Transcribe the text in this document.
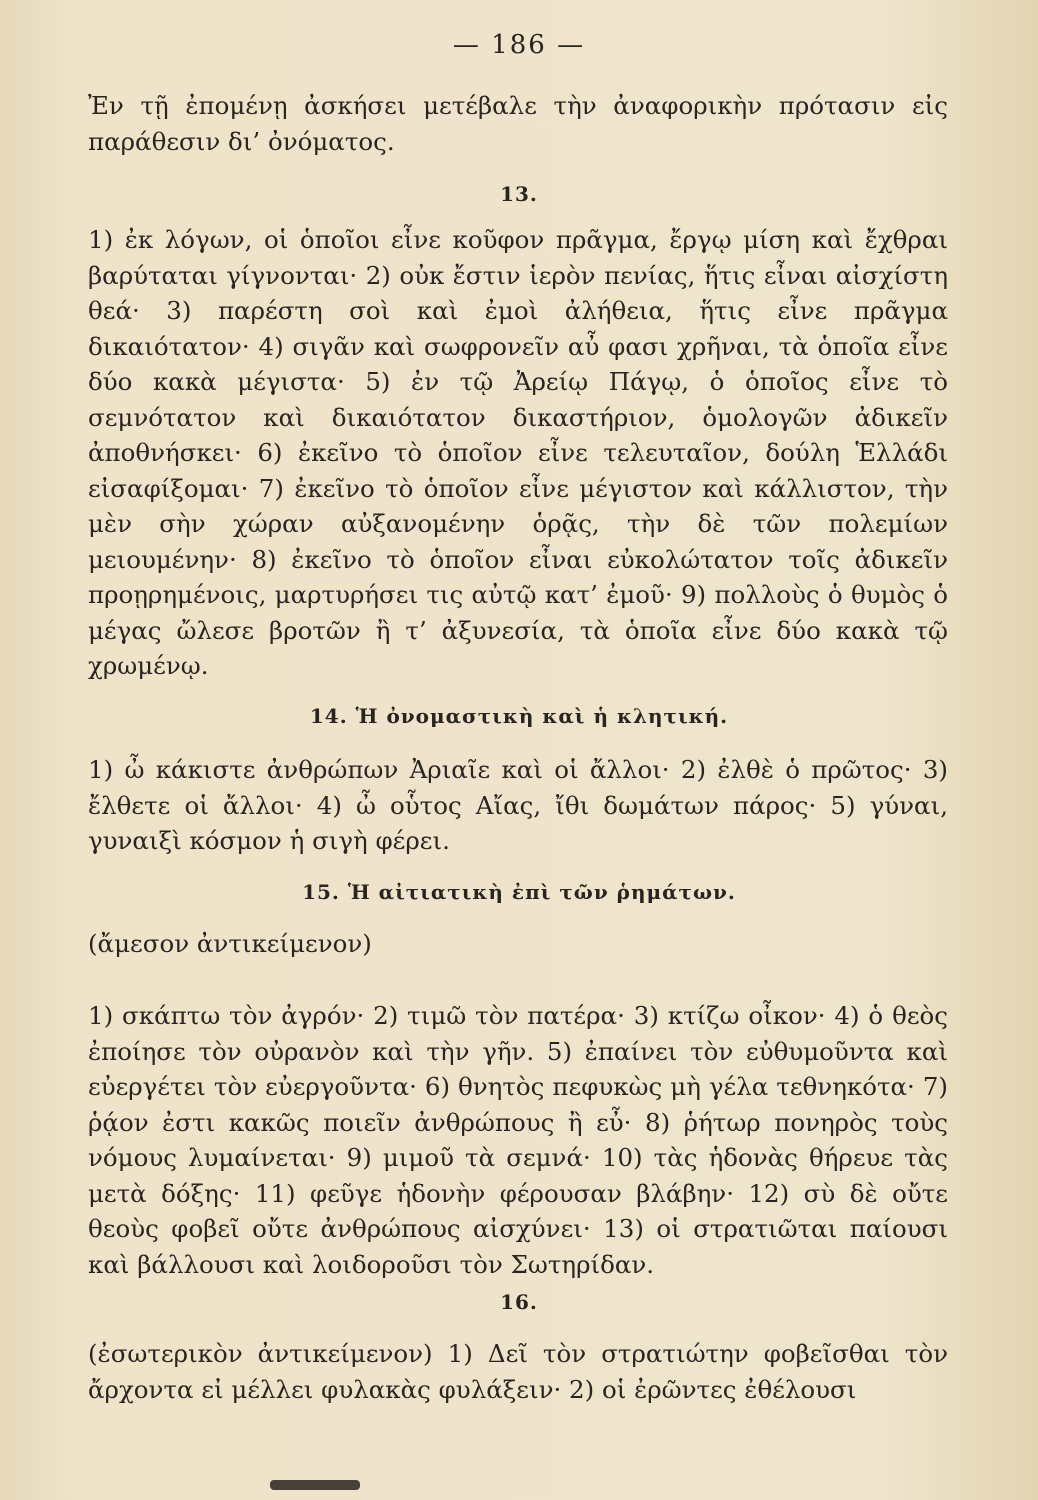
— 186 —
Ἐν τῇ ἐπομένῃ ἀσκήσει μετέβαλε τὴν ἀναφορικὴν πρότασιν εἰς παράθεσιν δι’ ὀνόματος.
13.
1) ἐκ λόγων, οἱ ὁποῖοι εἶνε κοῦφον πρᾶγμα, ἔργῳ μίση καὶ ἔχθραι βαρύταται γίγνονται· 2) οὐκ ἔστιν ἱερὸν πενίας, ἥτις εἶναι αἰσχίστη θεά· 3) παρέστη σοὶ καὶ ἐμοὶ ἀλήθεια, ἥτις εἶνε πρᾶγμα δικαιότατον· 4) σιγᾶν καὶ σωφρονεῖν αὖ φασι χρῆναι, τὰ ὁποῖα εἶνε δύο κακὰ μέγιστα· 5) ἐν τῷ Ἀρείῳ Πάγῳ, ὁ ὁποῖος εἶνε τὸ σεμνότατον καὶ δικαιότατον δικαστήριον, ὁμολογῶν ἀδικεῖν ἀποθνήσκει· 6) ἐκεῖνο τὸ ὁποῖον εἶνε τελευταῖον, δούλη Ἑλλάδι εἰσαφίξομαι· 7) ἐκεῖνο τὸ ὁποῖον εἶνε μέγιστον καὶ κάλλιστον, τὴν μὲν σὴν χώραν αὐξανομένην ὁρᾷς, τὴν δὲ τῶν πολεμίων μειουμένην· 8) ἐκεῖνο τὸ ὁποῖον εἶναι εὐκολώτατον τοῖς ἀδικεῖν προῃρημένοις, μαρτυρήσει τις αὐτῷ κατ’ ἐμοῦ· 9) πολλοὺς ὁ θυμὸς ὁ μέγας ὤλεσε βροτῶν ἢ τ’ ἀξυνεσία, τὰ ὁποῖα εἶνε δύο κακὰ τῷ χρωμένῳ.
14. Ἡ ὀνομαστικὴ καὶ ἡ κλητική.
1) ὦ κάκιστε ἀνθρώπων Ἀριαῖε καὶ οἱ ἄλλοι· 2) ἐλθὲ ὁ πρῶτος· 3) ἔλθετε οἱ ἄλλοι· 4) ὦ οὗτος Αἴας, ἴθι δωμάτων πάρος· 5) γύναι, γυναιξὶ κόσμον ἡ σιγὴ φέρει.
15. Ἡ αἰτιατικὴ ἐπὶ τῶν ῥημάτων.
(ἄμεσον ἀντικείμενον)
1) σκάπτω τὸν ἀγρόν· 2) τιμῶ τὸν πατέρα· 3) κτίζω οἶκον· 4) ὁ θεὸς ἐποίησε τὸν οὐρανὸν καὶ τὴν γῆν. 5) ἐπαίνει τὸν εὐθυμοῦντα καὶ εὐεργέτει τὸν εὐεργοῦντα· 6) θνητὸς πεφυκὼς μὴ γέλα τεθνηκότα· 7) ῥᾴον ἐστι κακῶς ποιεῖν ἀνθρώπους ἢ εὖ· 8) ῥήτωρ πονηρὸς τοὺς νόμους λυμαίνεται· 9) μιμοῦ τὰ σεμνά· 10) τὰς ἡδονὰς θήρευε τὰς μετὰ δόξης· 11) φεῦγε ἡδονὴν φέρουσαν βλάβην· 12) σὺ δὲ οὔτε θεοὺς φοβεῖ οὔτε ἀνθρώπους αἰσχύνει· 13) οἱ στρατιῶται παίουσι καὶ βάλλουσι καὶ λοιδοροῦσι τὸν Σωτηρίδαν.
16.
(ἐσωτερικὸν ἀντικείμενον) 1) Δεῖ τὸν στρατιώτην φοβεῖσθαι τὸν ἄρχοντα εἰ μέλλει φυλακὰς φυλάξειν· 2) οἱ ἐρῶντες ἐθέλουσι
